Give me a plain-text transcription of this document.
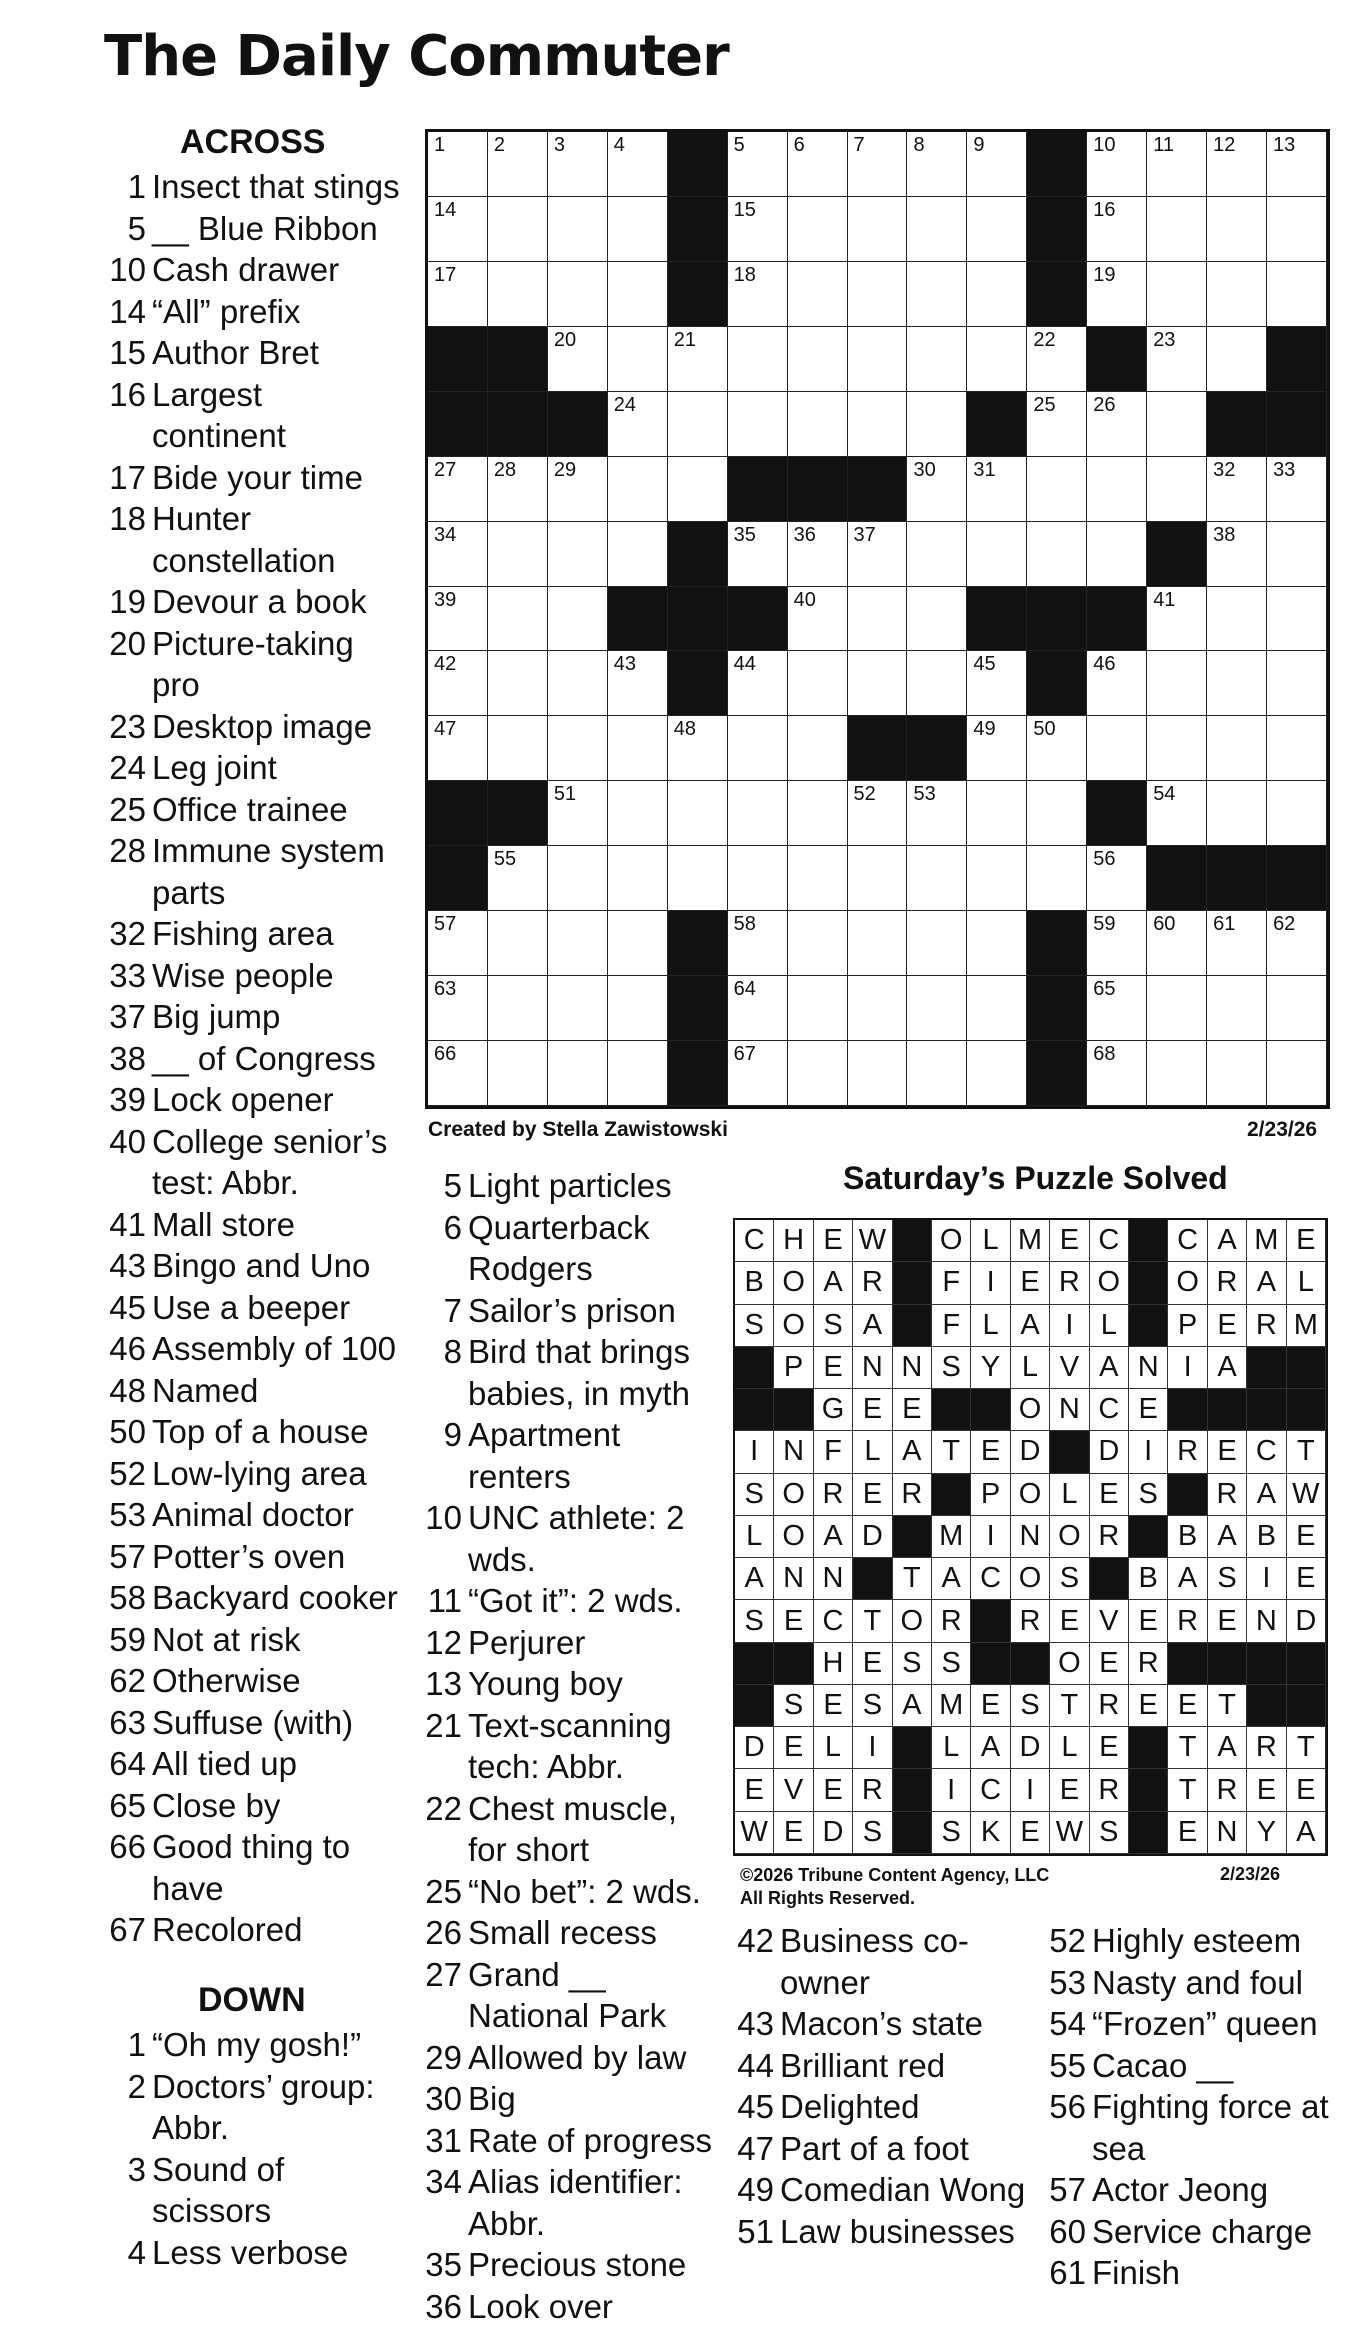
The Daily Commuter
ACROSS
1 Insect that stings
5 __ Blue Ribbon
10 Cash drawer
14 “All” prefix
15 Author Bret
16 Largest continent
17 Bide your time
18 Hunter constellation
19 Devour a book
20 Picture-taking pro
23 Desktop image
24 Leg joint
25 Office trainee
28 Immune system parts
32 Fishing area
33 Wise people
37 Big jump
38 __ of Congress
39 Lock opener
40 College senior’s test: Abbr.
41 Mall store
43 Bingo and Uno
45 Use a beeper
46 Assembly of 100
48 Named
50 Top of a house
52 Low-lying area
53 Animal doctor
57 Potter’s oven
58 Backyard cooker
59 Not at risk
62 Otherwise
63 Suffuse (with)
64 All tied up
65 Close by
66 Good thing to have
67 Recolored
DOWN
1 “Oh my gosh!”
2 Doctors’ group: Abbr.
3 Sound of scissors
4 Less verbose
5 Light particles
6 Quarterback Rodgers
7 Sailor’s prison
8 Bird that brings babies, in myth
9 Apartment renters
10 UNC athlete: 2 wds.
11 “Got it”: 2 wds.
12 Perjurer
13 Young boy
21 Text-scanning tech: Abbr.
22 Chest muscle, for short
25 “No bet”: 2 wds.
26 Small recess
27 Grand __ National Park
29 Allowed by law
30 Big
31 Rate of progress
34 Alias identifier: Abbr.
35 Precious stone
36 Look over
42 Business co-owner
43 Macon’s state
44 Brilliant red
45 Delighted
47 Part of a foot
49 Comedian Wong
51 Law businesses
52 Highly esteem
53 Nasty and foul
54 “Frozen” queen
55 Cacao __
56 Fighting force at sea
57 Actor Jeong
60 Service charge
61 Finish
1 2 3 4	5 6 7 8 9	10 11 12 13
14	15	16
17	18	19
20	21	22	23
24	25 26
27 28 29	30 31	32 33
34	35 36 37	38
39	40	41
42	43	44	45	46
47	48	49 50
51	52 53	54
55	56
57	58	59 60 61 62
63	64	65
66	67	68
Created by Stella Zawistowski	2/23/26
Saturday’s Puzzle Solved
C H E W O L M E C	C A M E
B O A R	F I E R O	O R A L
S O S A	F L A I L	P E R M
P E N N S Y L V A N I A
G E E	O N C E
I N F L A T E D	D I R E C T
S O R E R	P O L E S	R A W
L O A D	M I N O R	B A B E
A N N	T A C O S	B A S I E
S E C T O R	R E V E R E N D
H E S S	O E R
S E S A M E S T R E E T
D E L I	L A D L E	T A R T
E V E R	I C I E R	T R E E
W E D S	S K E W S	E N Y A
©2026 Tribune Content Agency, LLC
All Rights Reserved.
2/23/26
